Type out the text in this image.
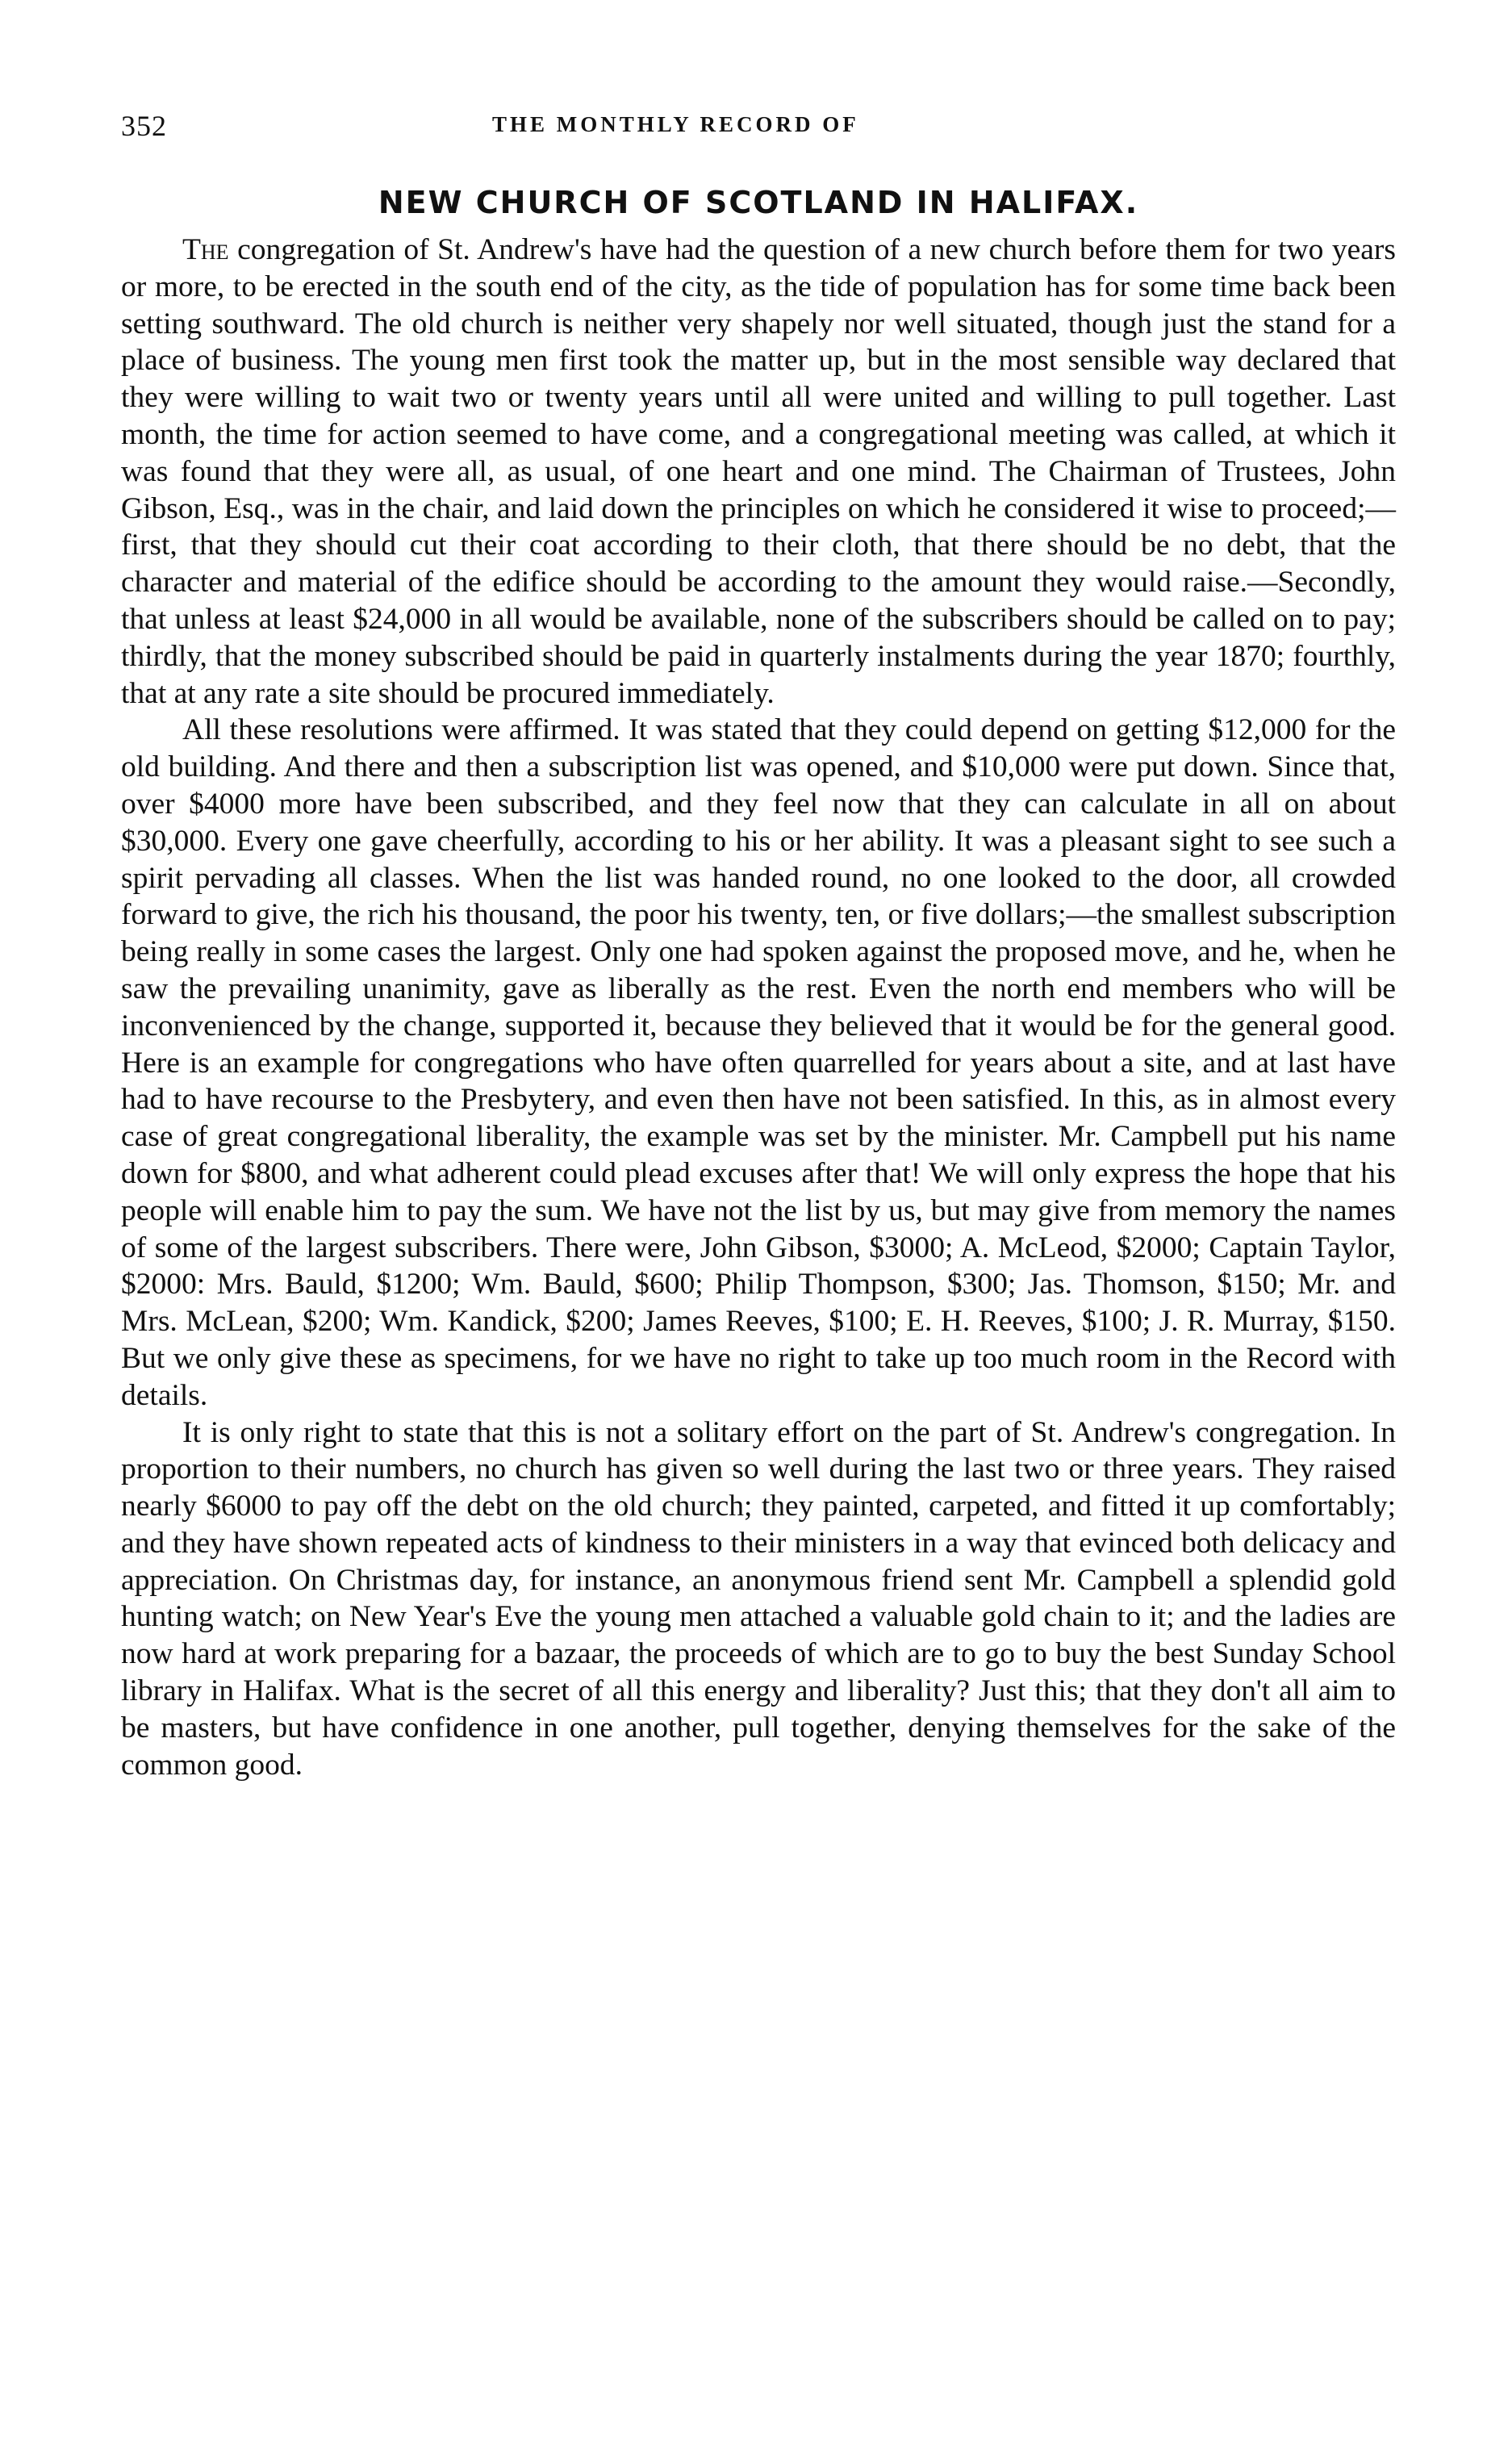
352	THE MONTHLY RECORD OF
NEW CHURCH OF SCOTLAND IN HALIFAX.

The congregation of St. Andrew's have had the question of a new church before them for two years or more, to be erected in the south end of the city, as the tide of population has for some time back been setting southward. The old church is neither very shapely nor well situated, though just the stand for a place of business. The young men first took the matter up, but in the most sensible way declared that they were willing to wait two or twenty years until all were united and willing to pull together. Last month, the time for action seemed to have come, and a congregational meeting was called, at which it was found that they were all, as usual, of one heart and one mind. The Chairman of Trustees, John Gibson, Esq., was in the chair, and laid down the principles on which he considered it wise to proceed;—first, that they should cut their coat according to their cloth, that there should be no debt, that the character and material of the edifice should be according to the amount they would raise.—Secondly, that unless at least $24,000 in all would be available, none of the subscribers should be called on to pay; thirdly, that the money subscribed should be paid in quarterly instalments during the year 1870; fourthly, that at any rate a site should be procured immediately.

All these resolutions were affirmed. It was stated that they could depend on getting $12,000 for the old building. And there and then a subscription list was opened, and $10,000 were put down. Since that, over $4000 more have been subscribed, and they feel now that they can calculate in all on about $30,000. Every one gave cheerfully, according to his or her ability. It was a pleasant sight to see such a spirit pervading all classes. When the list was handed round, no one looked to the door, all crowded forward to give, the rich his thousand, the poor his twenty, ten, or five dollars;—the smallest subscription being really in some cases the largest. Only one had spoken against the proposed move, and he, when he saw the prevailing unanimity, gave as liberally as the rest. Even the north end members who will be inconvenienced by the change, supported it, because they believed that it would be for the general good. Here is an example for congregations who have often quarrelled for years about a site, and at last have had to have recourse to the Presbytery, and even then have not been satisfied. In this, as in almost every case of great congregational liberality, the example was set by the minister. Mr. Campbell put his name down for $800, and what adherent could plead excuses after that! We will only express the hope that his people will enable him to pay the sum. We have not the list by us, but may give from memory the names of some of the largest subscribers. There were, John Gibson, $3000; A. McLeod, $2000; Captain Taylor, $2000: Mrs. Bauld, $1200; Wm. Bauld, $600; Philip Thompson, $300; Jas. Thomson, $150; Mr. and Mrs. McLean, $200; Wm. Kandick, $200; James Reeves, $100; E. H. Reeves, $100; J. R. Murray, $150. But we only give these as specimens, for we have no right to take up too much room in the Record with details.

It is only right to state that this is not a solitary effort on the part of St. Andrew's congregation. In proportion to their numbers, no church has given so well during the last two or three years. They raised nearly $6000 to pay off the debt on the old church; they painted, carpeted, and fitted it up comfortably; and they have shown repeated acts of kindness to their ministers in a way that evinced both delicacy and appreciation. On Christmas day, for instance, an anonymous friend sent Mr. Campbell a splendid gold hunting watch; on New Year's Eve the young men attached a valuable gold chain to it; and the ladies are now hard at work preparing for a bazaar, the proceeds of which are to go to buy the best Sunday School library in Halifax. What is the secret of all this energy and liberality? Just this; that they don't all aim to be masters, but have confidence in one another, pull together, denying themselves for the sake of the common good.
